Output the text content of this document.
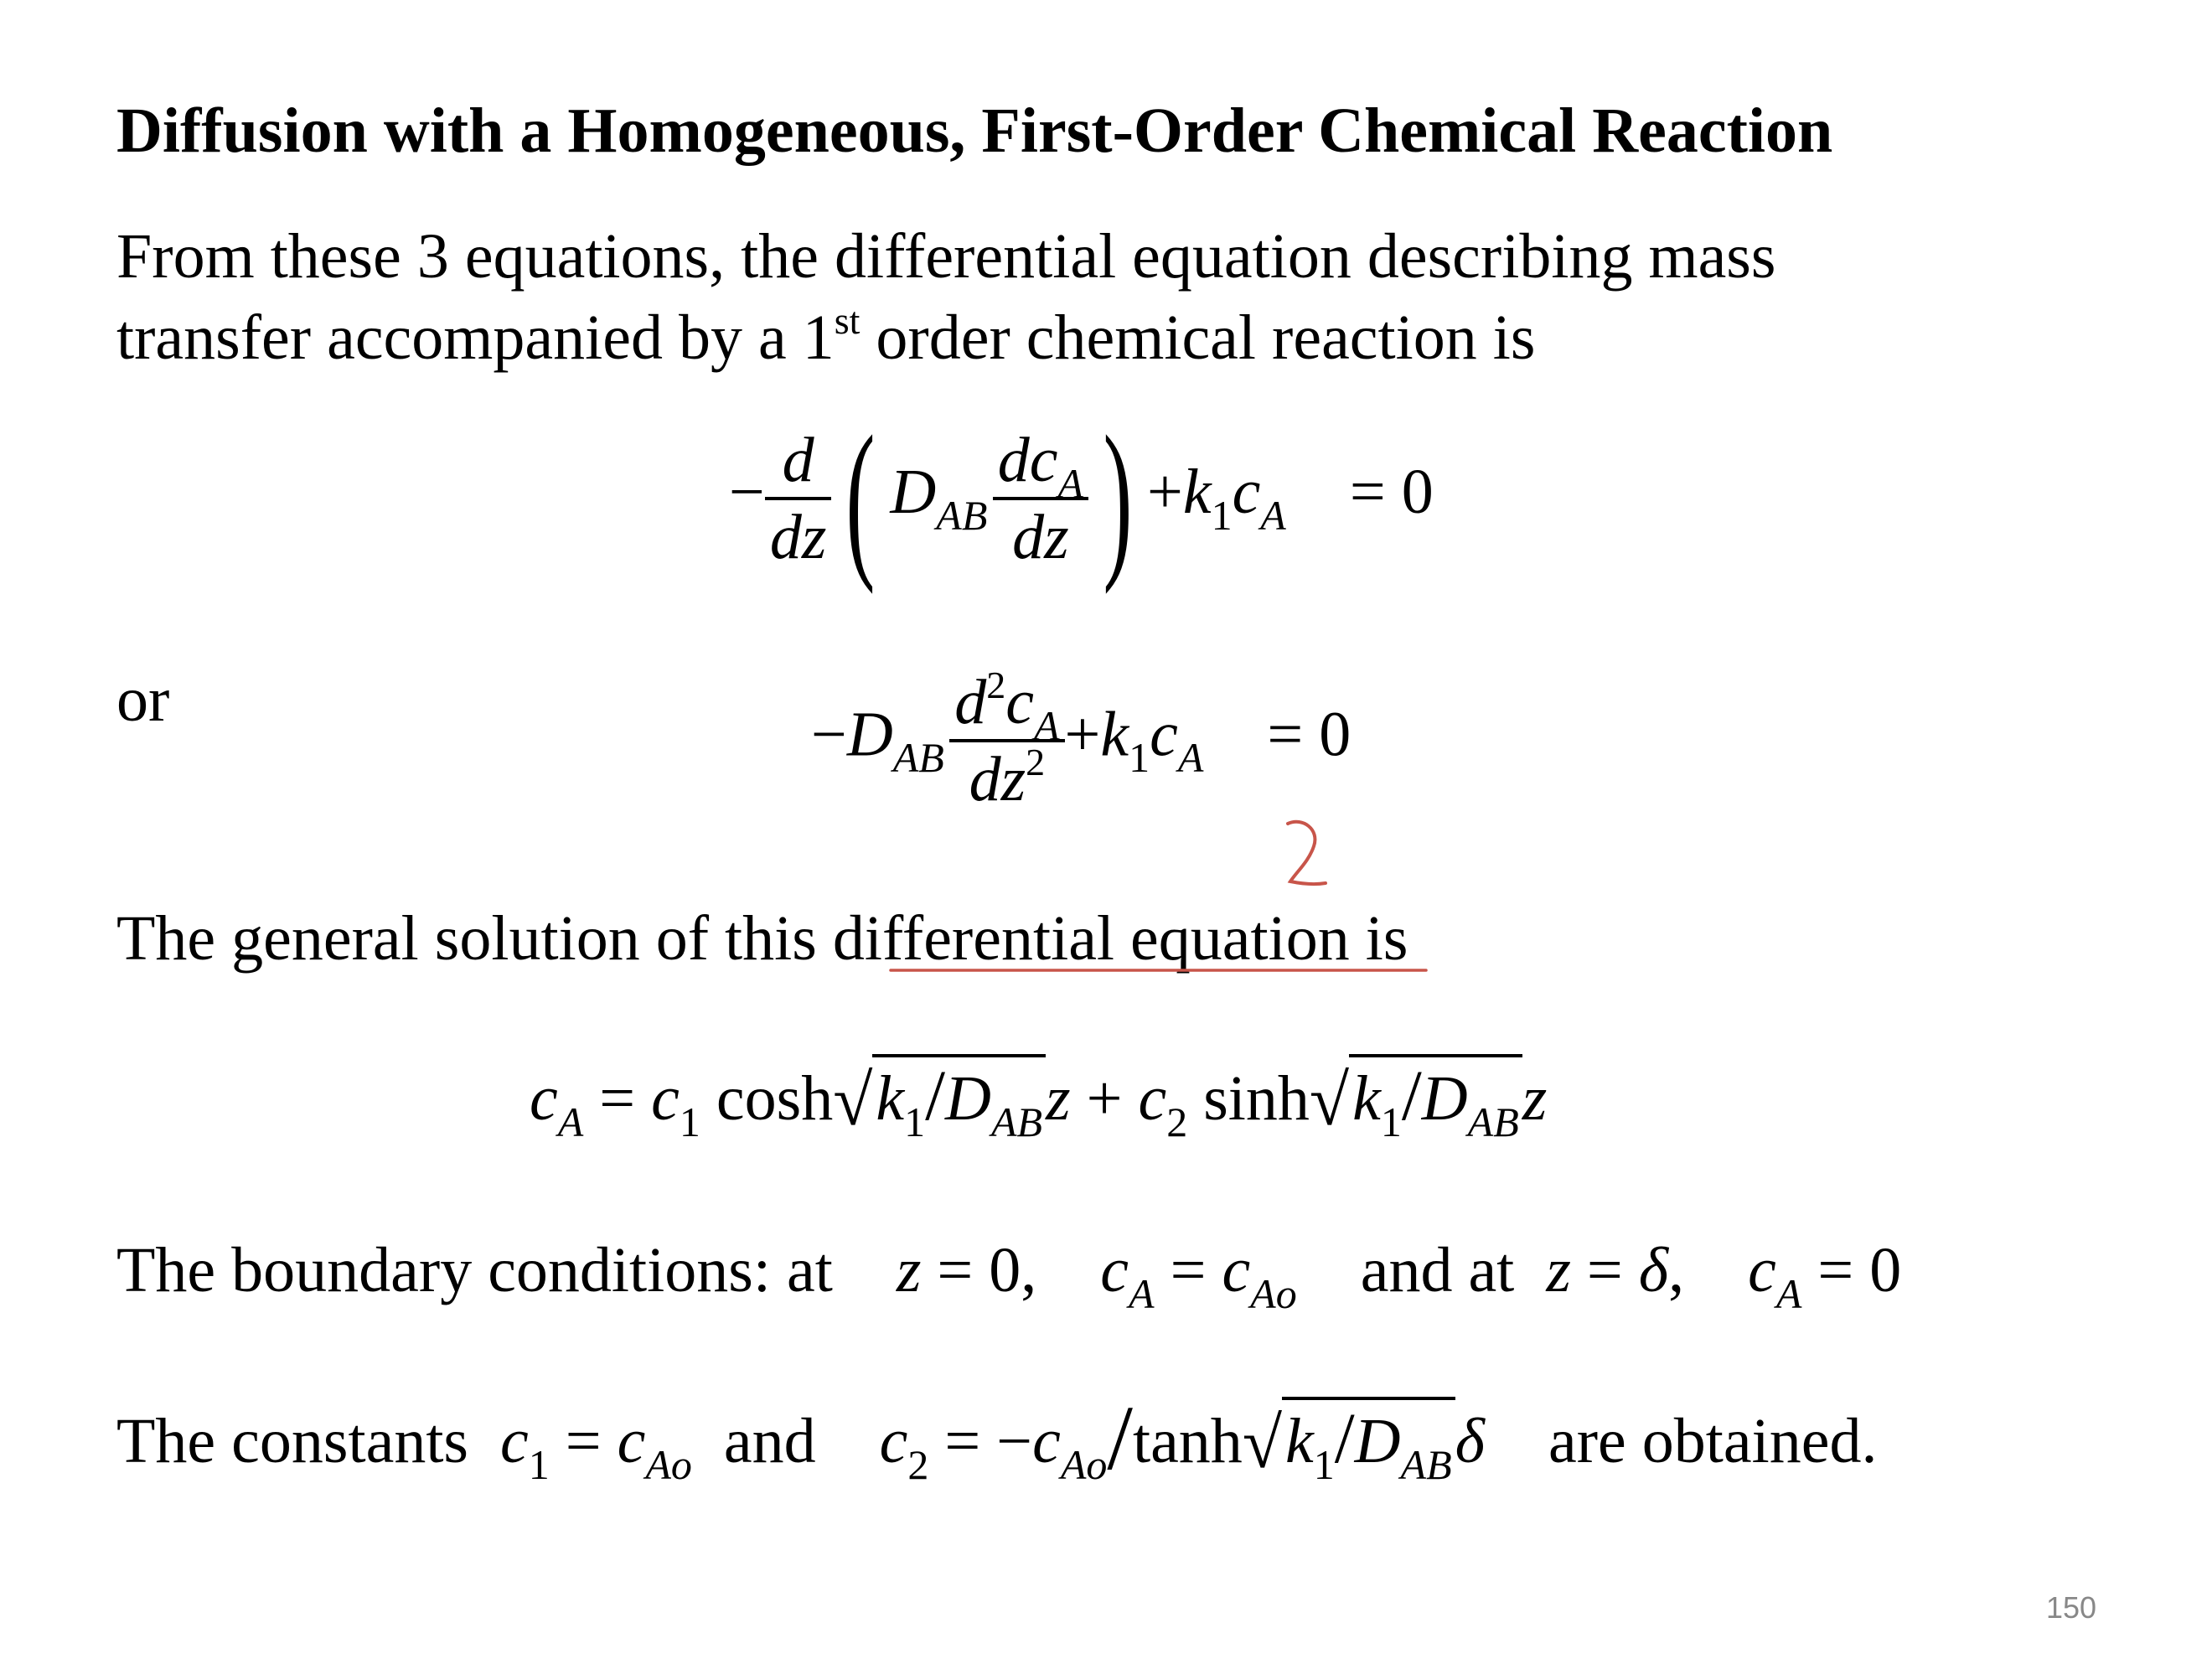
Diffusion with a Homogeneous, First-Order Chemical Reaction
From these 3 equations, the differential equation describing mass
transfer accompanied by a 1st order chemical reaction is
− $\frac{d}{dz}$ ( $D_{AB}$  $\frac{dc_A}{dz}$ ) $+k_1c_A$  = 0
or	$-D_{AB}$  $\frac{d^2c_A}{dz^2} +k_1c_A$  = 0
The general solution of this differential equation is
$c_A = c_1$ $\cosh√k_1/D_{AB}z + c_2$ $\sinh√k_1/D_{AB}z$
The boundary conditions: at  z = 0, $c_A = c_{Ao}$  and at  z = δ, $c_A = 0$
The constants  $c_1 = c_{Ao}$  and  $c_2 = -c_{Ao}/\tanh√k_1/D_{AB}\delta$  are obtained.
150
